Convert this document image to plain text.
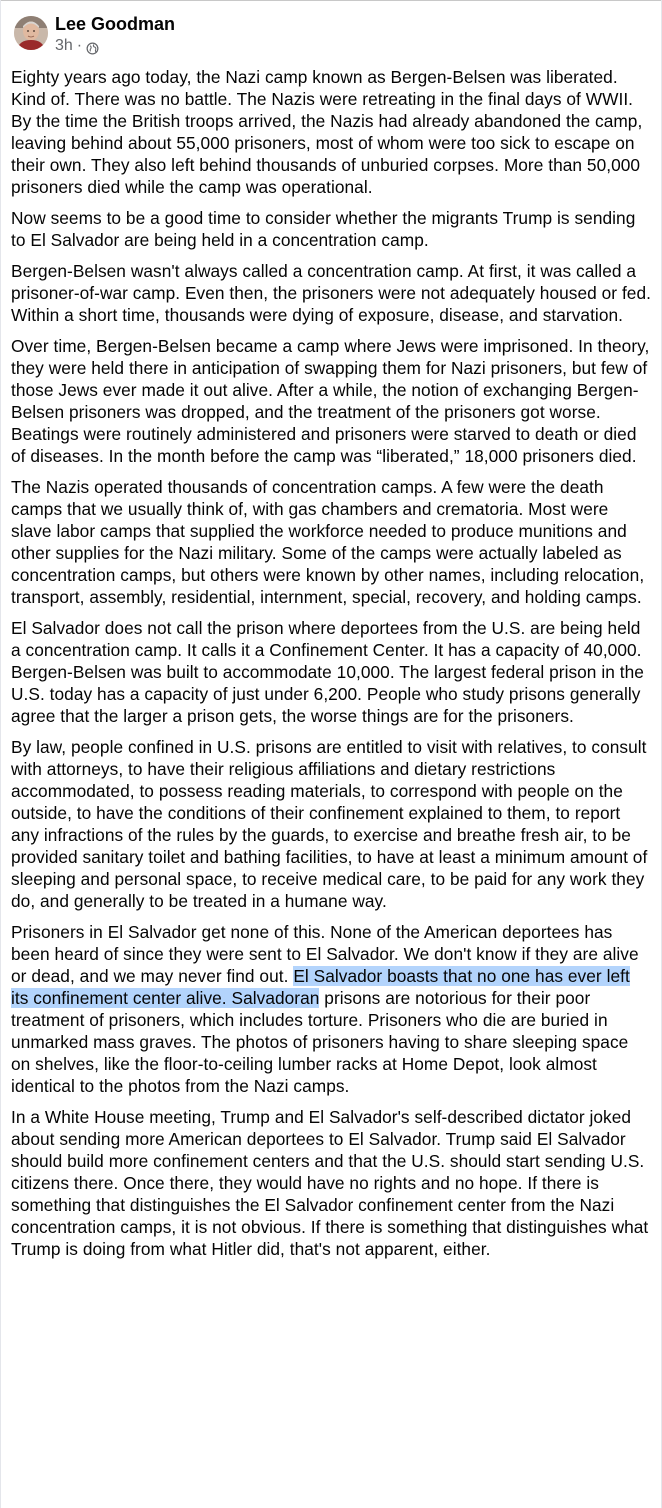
Lee Goodman
3h ·

Eighty years ago today, the Nazi camp known as Bergen-Belsen was liberated. Kind of. There was no battle. The Nazis were retreating in the final days of WWII. By the time the British troops arrived, the Nazis had already abandoned the camp, leaving behind about 55,000 prisoners, most of whom were too sick to escape on their own. They also left behind thousands of unburied corpses. More than 50,000 prisoners died while the camp was operational.

Now seems to be a good time to consider whether the migrants Trump is sending to El Salvador are being held in a concentration camp.

Bergen-Belsen wasn't always called a concentration camp. At first, it was called a prisoner-of-war camp. Even then, the prisoners were not adequately housed or fed. Within a short time, thousands were dying of exposure, disease, and starvation.

Over time, Bergen-Belsen became a camp where Jews were imprisoned. In theory, they were held there in anticipation of swapping them for Nazi prisoners, but few of those Jews ever made it out alive. After a while, the notion of exchanging Bergen-Belsen prisoners was dropped, and the treatment of the prisoners got worse. Beatings were routinely administered and prisoners were starved to death or died of diseases. In the month before the camp was “liberated,” 18,000 prisoners died.

The Nazis operated thousands of concentration camps. A few were the death camps that we usually think of, with gas chambers and crematoria. Most were slave labor camps that supplied the workforce needed to produce munitions and other supplies for the Nazi military. Some of the camps were actually labeled as concentration camps, but others were known by other names, including relocation, transport, assembly, residential, internment, special, recovery, and holding camps.

El Salvador does not call the prison where deportees from the U.S. are being held a concentration camp. It calls it a Confinement Center. It has a capacity of 40,000. Bergen-Belsen was built to accommodate 10,000. The largest federal prison in the U.S. today has a capacity of just under 6,200. People who study prisons generally agree that the larger a prison gets, the worse things are for the prisoners.

By law, people confined in U.S. prisons are entitled to visit with relatives, to consult with attorneys, to have their religious affiliations and dietary restrictions accommodated, to possess reading materials, to correspond with people on the outside, to have the conditions of their confinement explained to them, to report any infractions of the rules by the guards, to exercise and breathe fresh air, to be provided sanitary toilet and bathing facilities, to have at least a minimum amount of sleeping and personal space, to receive medical care, to be paid for any work they do, and generally to be treated in a humane way.

Prisoners in El Salvador get none of this. None of the American deportees has been heard of since they were sent to El Salvador. We don't know if they are alive or dead, and we may never find out. El Salvador boasts that no one has ever left its confinement center alive. Salvadoran prisons are notorious for their poor treatment of prisoners, which includes torture. Prisoners who die are buried in unmarked mass graves. The photos of prisoners having to share sleeping space on shelves, like the floor-to-ceiling lumber racks at Home Depot, look almost identical to the photos from the Nazi camps.

In a White House meeting, Trump and El Salvador's self-described dictator joked about sending more American deportees to El Salvador. Trump said El Salvador should build more confinement centers and that the U.S. should start sending U.S. citizens there. Once there, they would have no rights and no hope. If there is something that distinguishes the El Salvador confinement center from the Nazi concentration camps, it is not obvious. If there is something that distinguishes what Trump is doing from what Hitler did, that's not apparent, either.
